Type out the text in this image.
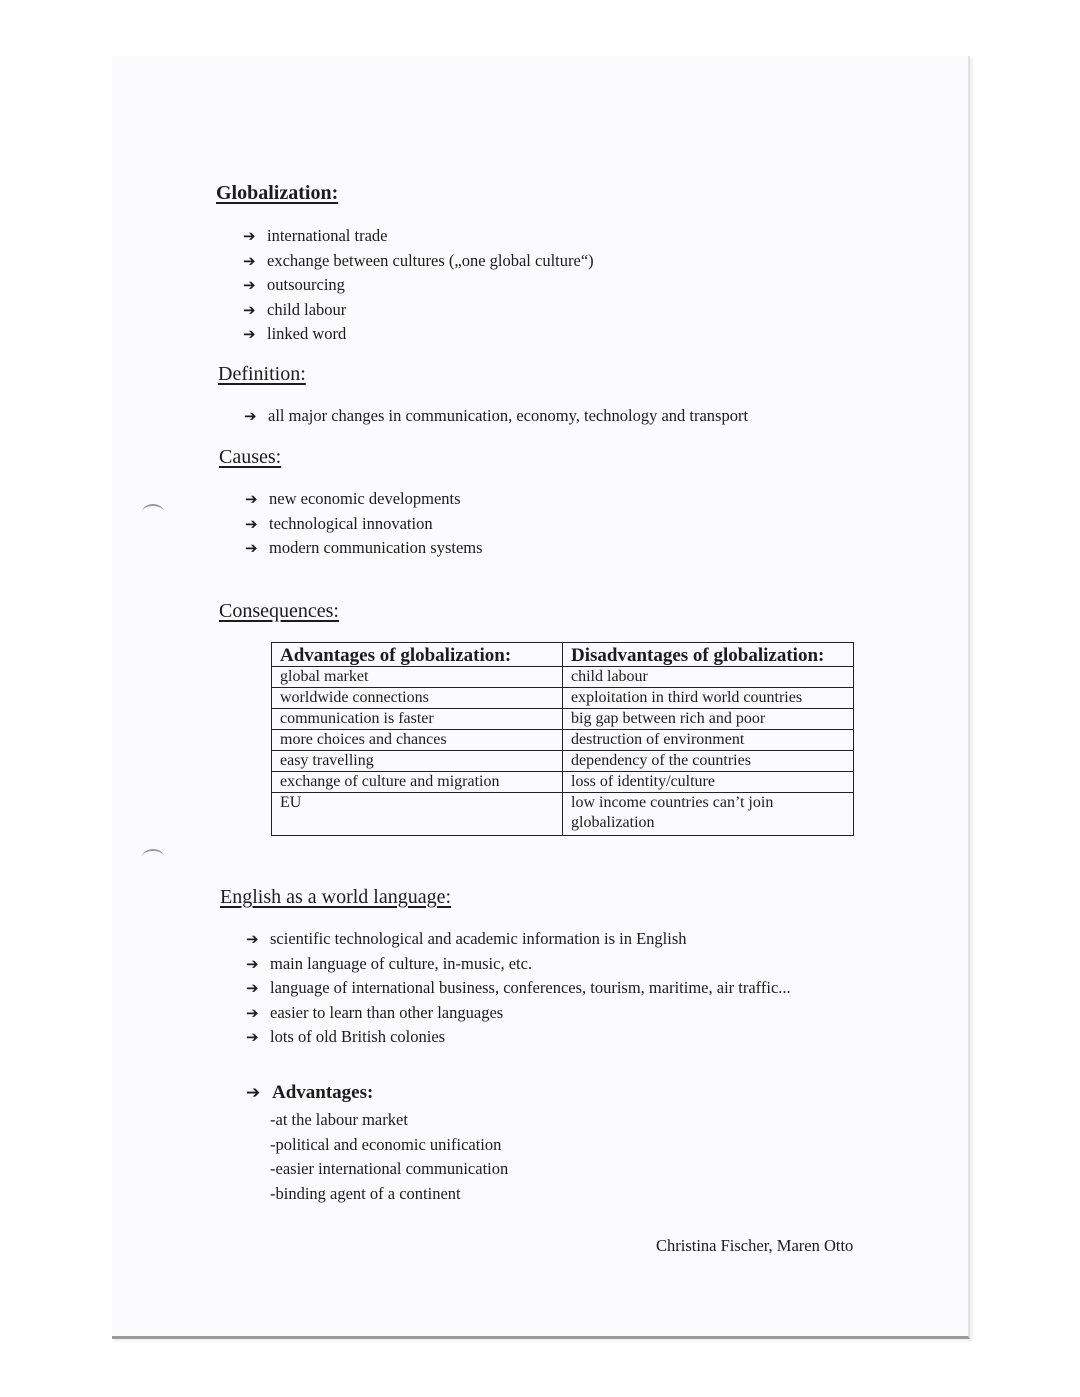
Globalization:
➔ international trade
➔ exchange between cultures („one global culture“)
➔ outsourcing
➔ child labour
➔ linked word
Definition:
➔ all major changes in communication, economy, technology and transport
Causes:
➔ new economic developments
➔ technological innovation
➔ modern communication systems
Consequences:
Advantages of globalization:	Disadvantages of globalization:
global market	child labour
worldwide connections	exploitation in third world countries
communication is faster	big gap between rich and poor
more choices and chances	destruction of environment
easy travelling	dependency of the countries
exchange of culture and migration	loss of identity/culture
EU	low income countries can’t join globalization
English as a world language:
➔ scientific technological and academic information is in English
➔ main language of culture, in-music, etc.
➔ language of international business, conferences, tourism, maritime, air traffic...
➔ easier to learn than other languages
➔ lots of old British colonies
➔ Advantages:
-at the labour market
-political and economic unification
-easier international communication
-binding agent of a continent
Christina Fischer, Maren Otto
